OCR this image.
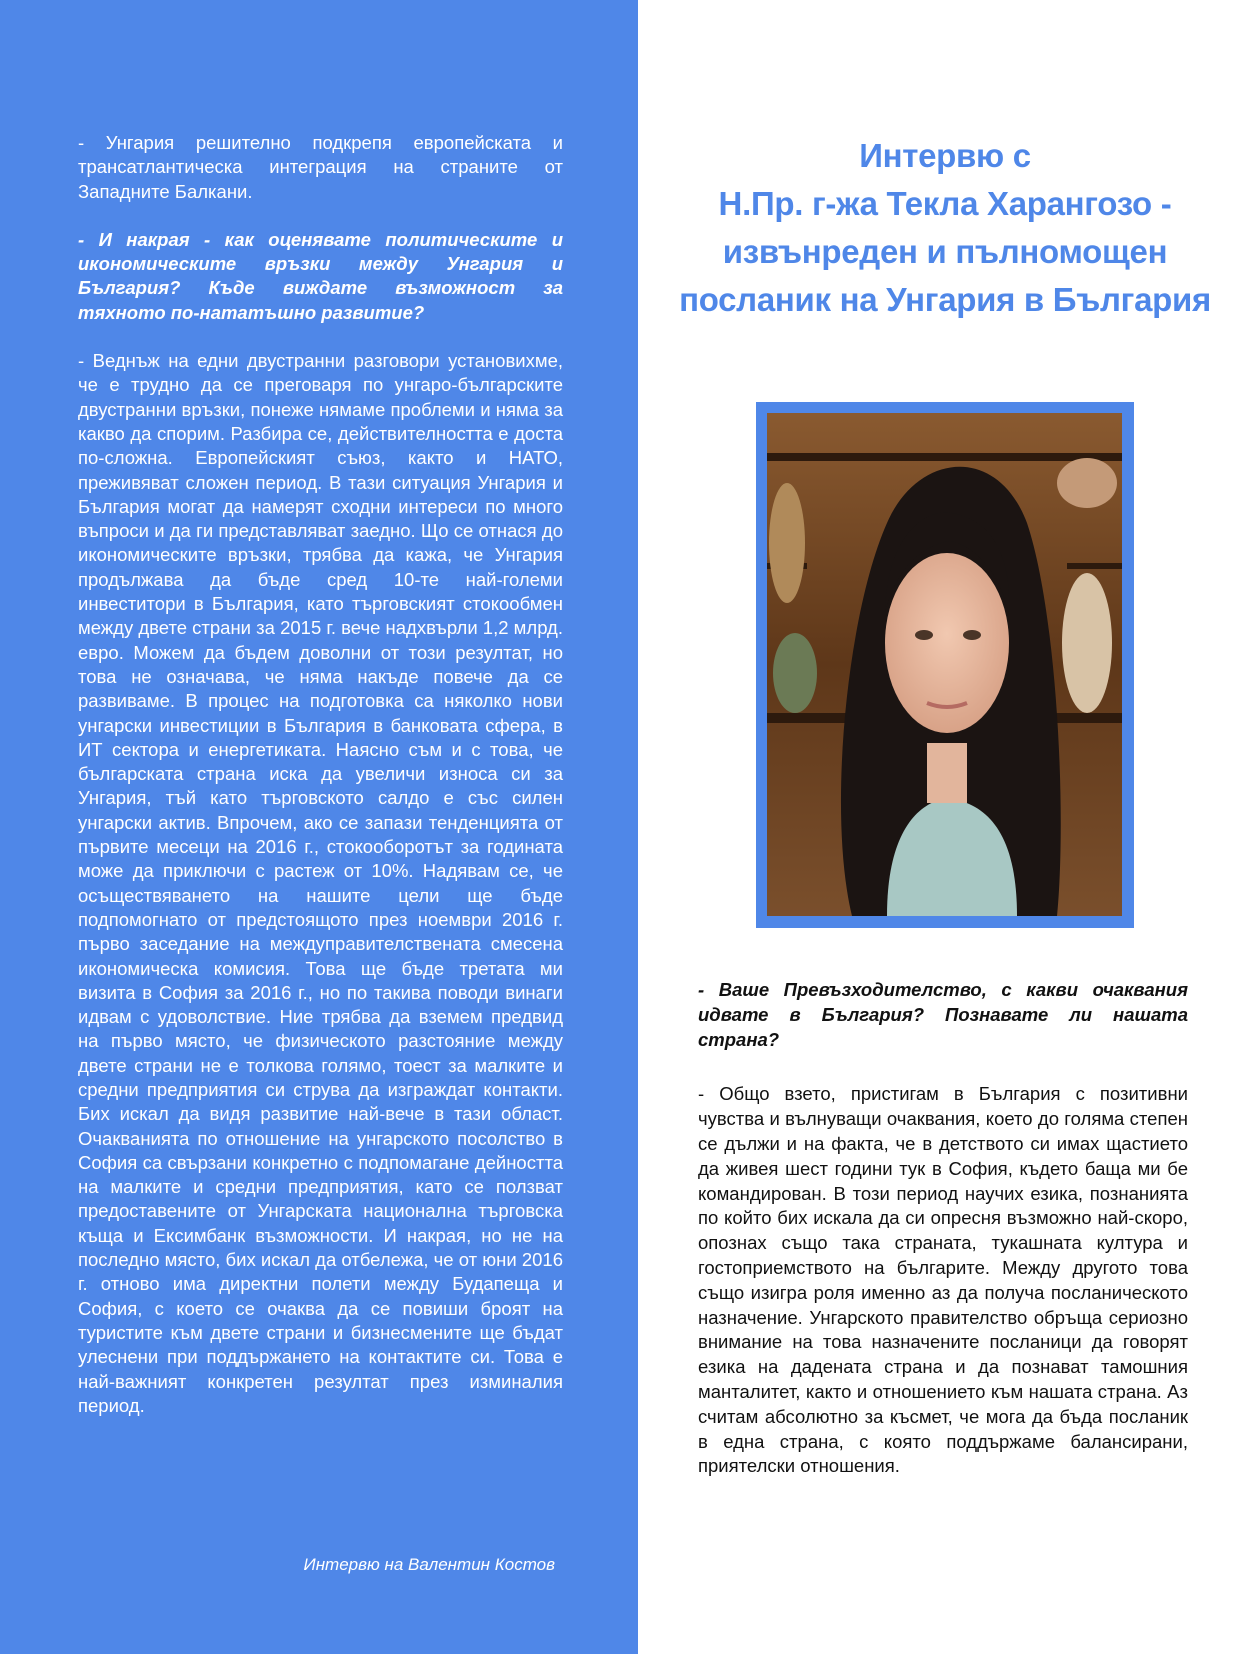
- Унгария решително подкрепя европейската и трансатлантическа интеграция на страните от Западните Балкани.

- И накрая - как оценявате политическите и икономическите връзки между Унгария и България? Къде виждате възможност за тяхното по-нататъшно развитие?

- Веднъж на едни двустранни разговори установихме, че е трудно да се преговаря по унгаро-българските двустранни връзки, понеже нямаме проблеми и няма за какво да спорим. Разбира се, действителността е доста по-сложна. Европейският съюз, както и НАТО, преживяват сложен период. В тази ситуация Унгария и България могат да намерят сходни интереси по много въпроси и да ги представляват заедно. Що се отнася до икономическите връзки, трябва да кажа, че Унгария продължава да бъде сред 10-те най-големи инвеститори в България, като търговският стокообмен между двете страни за 2015 г. вече надхвърли 1,2 млрд. евро. Можем да бъдем доволни от този резултат, но това не означава, че няма накъде повече да се развиваме. В процес на подготовка са няколко нови унгарски инвестиции в България в банковата сфера, в ИТ сектора и енергетиката. Наясно съм и с това, че българската страна иска да увеличи износа си за Унгария, тъй като търговското салдо е със силен унгарски актив. Впрочем, ако се запази тенденцията от първите месеци на 2016 г., стокооборотът за годината може да приключи с растеж от 10%. Надявам се, че осъществяването на нашите цели ще бъде подпомогнато от предстоящото през ноември 2016 г. първо заседание на междуправителствената смесена икономическа комисия. Това ще бъде третата ми визита в София за 2016 г., но по такива поводи винаги идвам с удоволствие. Ние трябва да вземем предвид на първо място, че физическото разстояние между двете страни не е толкова голямо, тоест за малките и средни предприятия си струва да изграждат контакти. Бих искал да видя развитие най-вече в тази област. Очакванията по отношение на унгарското посолство в София са свързани конкретно с подпомагане дейността на малките и средни предприятия, като се ползват предоставените от Унгарската национална търговска къща и Ексимбанк възможности. И накрая, но не на последно място, бих искал да отбележа, че от юни 2016 г. отново има директни полети между Будапеща и София, с което се очаква да се повиши броят на туристите към двете страни и бизнесмените ще бъдат улеснени при поддържането на контактите си. Това е най-важният конкретен резултат през изминалия период.

Интервю на Валентин Костов
Интервю с
Н.Пр. г-жа Текла Харангозо -
извънреден и пълномощен
посланик на Унгария в България

- Ваше Превъзходителство, с какви очаквания идвате в България? Познавате ли нашата страна?

- Общо взето, пристигам в България с позитивни чувства и вълнуващи очаквания, което до голяма степен се дължи и на факта, че в детството си имах щастието да живея шест години тук в София, където баща ми бе командирован. В този период научих езика, познанията по който бих искала да си опресня възможно най-скоро, опознах също така страната, тукашната култура и гостоприемството на българите. Между другото това също изигра роля именно аз да получа посланическото назначение. Унгарското правителство обръща сериозно внимание на това назначените посланици да говорят езика на дадената страна и да познават тамошния манталитет, както и отношението към нашата страна. Аз считам абсолютно за късмет, че мога да бъда посланик в една страна, с която поддържаме балансирани, приятелски отношения.
